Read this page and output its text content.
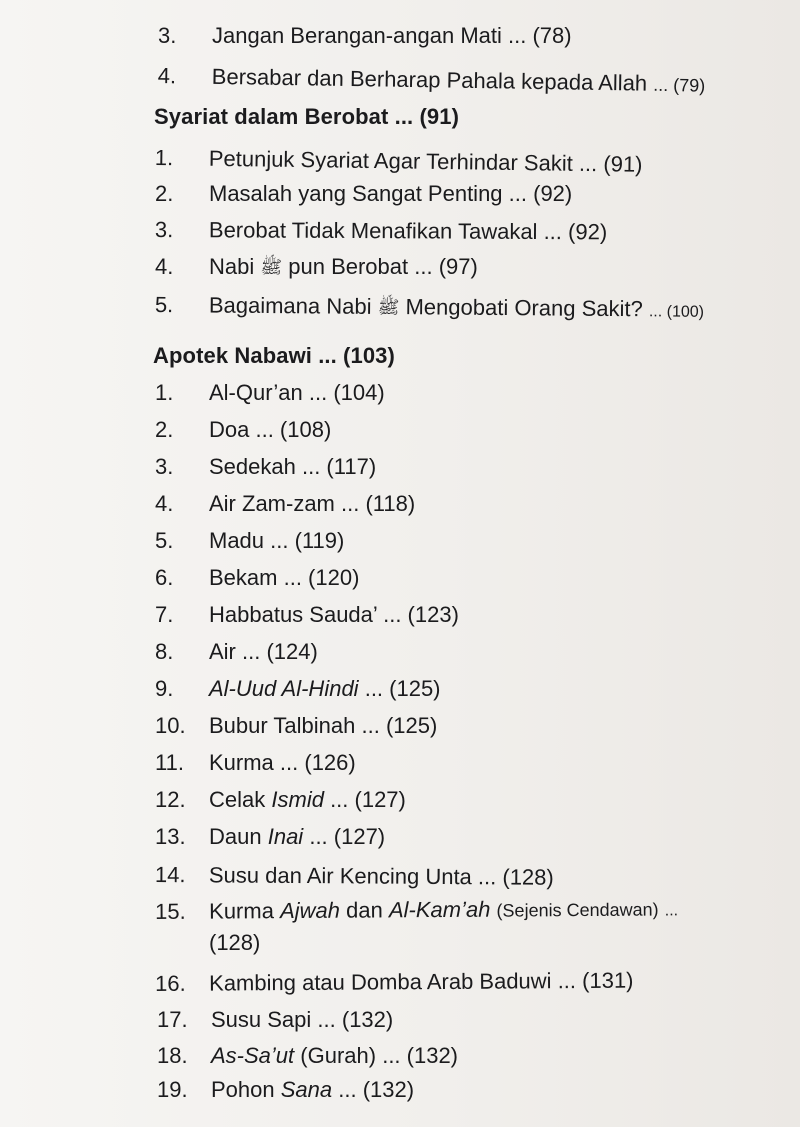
3. Jangan Berangan-angan Mati ... (78)
4. Bersabar dan Berharap Pahala kepada Allah ... (79)
Syariat dalam Berobat ... (91)
1. Petunjuk Syariat Agar Terhindar Sakit ... (91)
2. Masalah yang Sangat Penting ... (92)
3. Berobat Tidak Menafikan Tawakal ... (92)
4. Nabi ﷺ pun Berobat ... (97)
5. Bagaimana Nabi ﷺ Mengobati Orang Sakit? ... (100)
Apotek Nabawi ... (103)
1. Al-Qur’an ... (104)
2. Doa ... (108)
3. Sedekah ... (117)
4. Air Zam-zam ... (118)
5. Madu ... (119)
6. Bekam ... (120)
7. Habbatus Sauda’ ... (123)
8. Air ... (124)
9. Al-Uud Al-Hindi ... (125)
10. Bubur Talbinah ... (125)
11. Kurma ... (126)
12. Celak Ismid ... (127)
13. Daun Inai ... (127)
14. Susu dan Air Kencing Unta ... (128)
15. Kurma Ajwah dan Al-Kam’ah (Sejenis Cendawan) ...
(128)
16. Kambing atau Domba Arab Baduwi ... (131)
17. Susu Sapi ... (132)
18. As-Sa’ut (Gurah) ... (132)
19. Pohon Sana ... (132)
